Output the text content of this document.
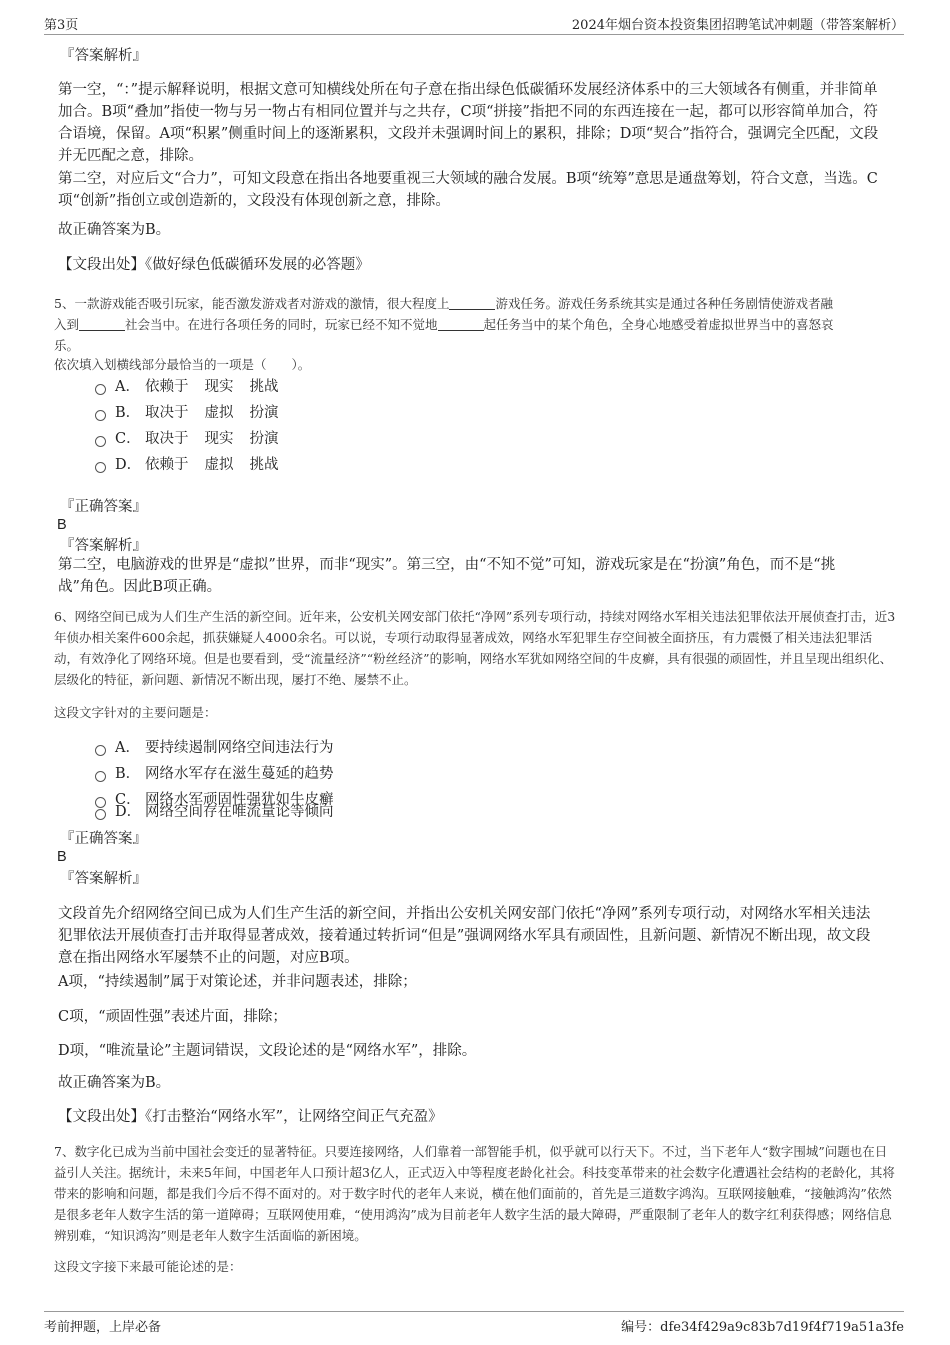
第3页	2024年烟台资本投资集团招聘笔试冲刺题（带答案解析）
『答案解析』
第一空，“：”提示解释说明，根据文意可知横线处所在句子意在指出绿色低碳循环发展经济体系中的三大领域各有侧重，并非简单加合。B项“叠加”指使一物与另一物占有相同位置并与之共存，C项“拼接”指把不同的东西连接在一起，都可以形容简单加合，符合语境，保留。A项“积累”侧重时间上的逐渐累积，文段并未强调时间上的累积，排除；D项“契合”指符合，强调完全匹配，文段并无匹配之意，排除。
第二空，对应后文“合力”，可知文段意在指出各地要重视三大领域的融合发展。B项“统筹”意思是通盘筹划，符合文意，当选。C项“创新”指创立或创造新的，文段没有体现创新之意，排除。
故正确答案为B。
【文段出处】《做好绿色低碳循环发展的必答题》
5、一款游戏能否吸引玩家，能否激发游戏者对游戏的激情，很大程度上	游戏任务。游戏任务系统其实是通过各种任务剧情使游戏者融
入到	社会当中。在进行各项任务的同时，玩家已经不知不觉地	起任务当中的某个角色，全身心地感受着虚拟世界当中的喜怒哀
乐。
依次填入划横线部分最恰当的一项是（　　）。
A． 依赖于 现实 挑战
B． 取决于 虚拟 扮演
C． 取决于 现实 扮演
D． 依赖于 虚拟 挑战
『正确答案』
B
『答案解析』
第二空，电脑游戏的世界是“虚拟”世界，而非“现实”。第三空，由“不知不觉”可知，游戏玩家是在“扮演”角色，而不是“挑战”角色。因此B项正确。
6、网络空间已成为人们生产生活的新空间。近年来，公安机关网安部门依托“净网”系列专项行动，持续对网络水军相关违法犯罪依法开展侦查打击，近3年侦办相关案件600余起，抓获嫌疑人4000余名。可以说，专项行动取得显著成效，网络水军犯罪生存空间被全面挤压，有力震慑了相关违法犯罪活动，有效净化了网络环境。但是也要看到，受“流量经济”“粉丝经济”的影响，网络水军犹如网络空间的牛皮癣，具有很强的顽固性，并且呈现出组织化、层级化的特征，新问题、新情况不断出现，屡打不绝、屡禁不止。
这段文字针对的主要问题是：
A． 要持续遏制网络空间违法行为
B． 网络水军存在滋生蔓延的趋势
C． 网络水军顽固性强犹如牛皮癣
D． 网络空间存在唯流量论等倾向
『正确答案』
B
『答案解析』
文段首先介绍网络空间已成为人们生产生活的新空间，并指出公安机关网安部门依托“净网”系列专项行动，对网络水军相关违法犯罪依法开展侦查打击并取得显著成效，接着通过转折词“但是”强调网络水军具有顽固性，且新问题、新情况不断出现，故文段意在指出网络水军屡禁不止的问题，对应B项。
A项，“持续遏制”属于对策论述，并非问题表述，排除；
C项，“顽固性强”表述片面，排除；
D项，“唯流量论”主题词错误，文段论述的是“网络水军”，排除。
故正确答案为B。
【文段出处】《打击整治“网络水军”，让网络空间正气充盈》
7、数字化已成为当前中国社会变迁的显著特征。只要连接网络，人们靠着一部智能手机，似乎就可以行天下。不过，当下老年人“数字围城”问题也在日益引人关注。据统计，未来5年间，中国老年人口预计超3亿人，正式迈入中等程度老龄化社会。科技变革带来的社会数字化遭遇社会结构的老龄化，其将带来的影响和问题，都是我们今后不得不面对的。对于数字时代的老年人来说，横在他们面前的，首先是三道数字鸿沟。互联网接触难，“接触鸿沟”依然是很多老年人数字生活的第一道障碍；互联网使用难，“使用鸿沟”成为目前老年人数字生活的最大障碍，严重限制了老年人的数字红利获得感；网络信息辨别难，“知识鸿沟”则是老年人数字生活面临的新困境。
这段文字接下来最可能论述的是：
考前押题，上岸必备	编号：dfe34f429a9c83b7d19f4f719a51a3fe
